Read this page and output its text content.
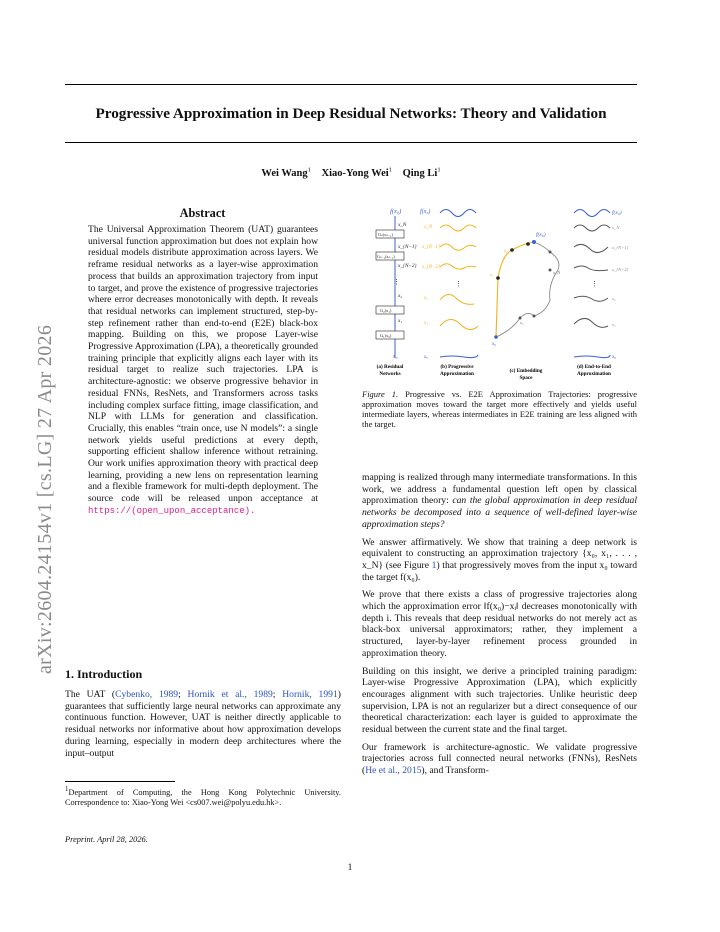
Progressive Approximation in Deep Residual Networks: Theory and Validation
Wei Wang$^1$ Xiao-Yong Wei$^1$ Qing Li$^1$
arXiv:2604.24154v1 [cs.LG] 27 Apr 2026
Abstract
The Universal Approximation Theorem (UAT) guarantees universal function approximation but does not explain how residual models distribute approximation across layers. We reframe residual networks as a layer-wise approximation process that builds an approximation trajectory from input to target, and prove the existence of progressive trajectories where error decreases monotonically with depth. It reveals that residual networks can implement structured, step-by-step refinement rather than end-to-end (E2E) black-box mapping. Building on this, we propose Layer-wise Progressive Approximation (LPA), a theoretically grounded training principle that explicitly aligns each layer with its residual target to realize such trajectories. LPA is architecture-agnostic: we observe progressive behavior in residual FNNs, ResNets, and Transformers across tasks including complex surface fitting, image classification, and NLP with LLMs for generation and classification. Crucially, this enables “train once, use N models”: a single network yields useful predictions at every depth, supporting efficient shallow inference without retraining. Our work unifies approximation theory with practical deep learning, providing a new lens on representation learning and a flexible framework for multi-depth deployment. The source code will be released unpon acceptance at https://(open_upon_acceptance).
1. Introduction
The UAT (Cybenko, 1989; Hornik et al., 1989; Hornik, 1991) guarantees that sufficiently large neural networks can approximate any continuous function. However, UAT is neither directly applicable to residual networks nor informative about how approximation develops during learning, especially in modern deep architectures where the input–output
$^1$Department of Computing, the Hong Kong Polytechnic University. Correspondence to: Xiao-Yong Wei <cs007.wei@polyu.edu.hk>.
Preprint. April 28, 2026.
1
f(x₀)
x_N
Gₙ(xₙ₋₁)
x_{N−1}
Gₙ₋₁(xₙ₋₂)
x_{N−2}
⋮
x₂
G₂(x₁)
x₁
G₁(x₀)
x₀
(a) Residual
Networks
f(x₀)
x_N
x_{N−1}
x_{N−2}
⋮
x₂
x₁
x₀
(b) Progressive
Approximation
f(x₀)
x₀
x₁
x₂
x₁
x_N
(c) Embedding
Space
f(x₀)
x_N
x_{N−1}
x_{N−2}
⋮
x₂
x₁
x₀
(d) End-to-End
Approximation
Figure 1. Progressive vs. E2E Approximation Trajectories: progressive approximation moves toward the target more effectively and yields useful intermediate layers, whereas intermediates in E2E training are less aligned with the target.

mapping is realized through many intermediate transformations. In this work, we address a fundamental question left open by classical approximation theory: can the global approximation in deep residual networks be decomposed into a sequence of well-defined layer-wise approximation steps?

We answer affirmatively. We show that training a deep network is equivalent to constructing an approximation trajectory {x₀, x₁, . . . , x_N} (see Figure 1) that progressively moves from the input x₀ toward the target f(x₀).

We prove that there exists a class of progressive trajectories along which the approximation error ‖f(x₀)−xᵢ‖ decreases monotonically with depth i. This reveals that deep residual networks do not merely act as black-box universal approximators; rather, they implement a structured, layer-by-layer refinement process grounded in approximation theory.

Building on this insight, we derive a principled training paradigm: Layer-wise Progressive Approximation (LPA), which explicitly encourages alignment with such trajectories. Unlike heuristic deep supervision, LPA is not an regularizer but a direct consequence of our theoretical characterization: each layer is guided to approximate the residual between the current state and the final target.

Our framework is architecture-agnostic. We validate progressive trajectories across full connected neural networks (FNNs), ResNets (He et al., 2015), and Transform-
